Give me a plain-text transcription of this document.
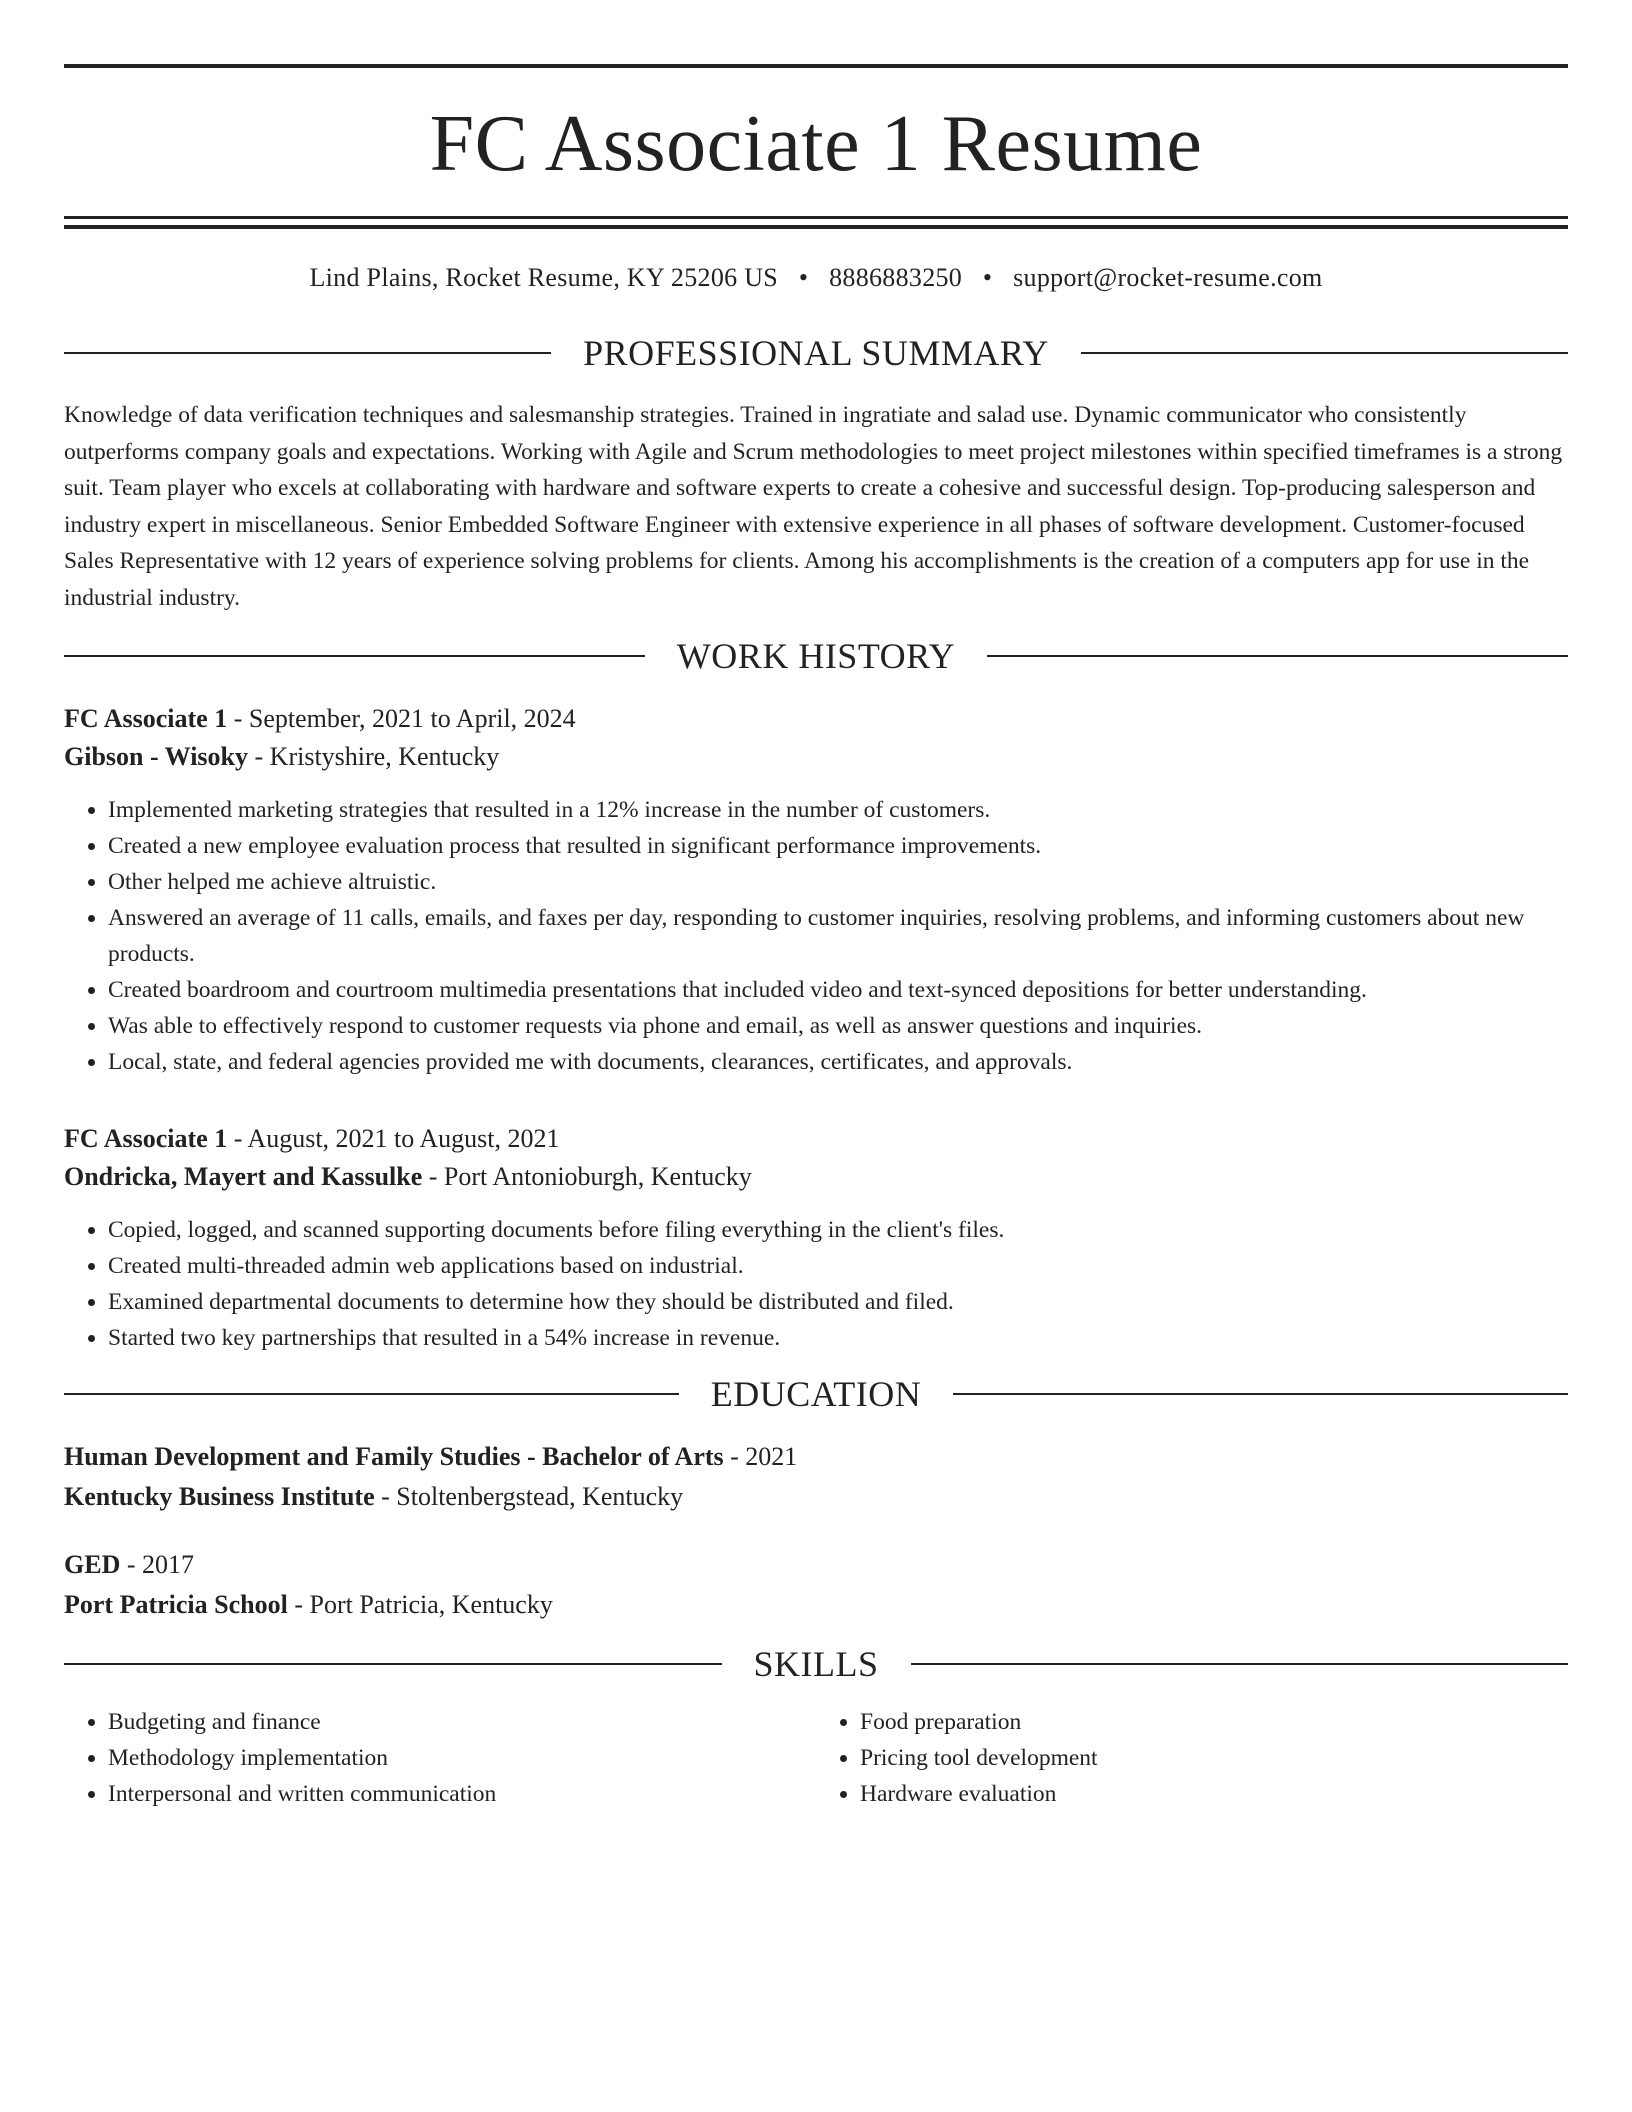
FC Associate 1 Resume
Lind Plains, Rocket Resume, KY 25206 US • 8886883250 • support@rocket-resume.com
PROFESSIONAL SUMMARY
Knowledge of data verification techniques and salesmanship strategies. Trained in ingratiate and salad use. Dynamic communicator who consistently outperforms company goals and expectations. Working with Agile and Scrum methodologies to meet project milestones within specified timeframes is a strong suit. Team player who excels at collaborating with hardware and software experts to create a cohesive and successful design. Top-producing salesperson and industry expert in miscellaneous. Senior Embedded Software Engineer with extensive experience in all phases of software development. Customer-focused Sales Representative with 12 years of experience solving problems for clients. Among his accomplishments is the creation of a computers app for use in the industrial industry.
WORK HISTORY
FC Associate 1 - September, 2021 to April, 2024
Gibson - Wisoky - Kristyshire, Kentucky
• Implemented marketing strategies that resulted in a 12% increase in the number of customers.
• Created a new employee evaluation process that resulted in significant performance improvements.
• Other helped me achieve altruistic.
• Answered an average of 11 calls, emails, and faxes per day, responding to customer inquiries, resolving problems, and informing customers about new products.
• Created boardroom and courtroom multimedia presentations that included video and text-synced depositions for better understanding.
• Was able to effectively respond to customer requests via phone and email, as well as answer questions and inquiries.
• Local, state, and federal agencies provided me with documents, clearances, certificates, and approvals.
FC Associate 1 - August, 2021 to August, 2021
Ondricka, Mayert and Kassulke - Port Antonioburgh, Kentucky
• Copied, logged, and scanned supporting documents before filing everything in the client's files.
• Created multi-threaded admin web applications based on industrial.
• Examined departmental documents to determine how they should be distributed and filed.
• Started two key partnerships that resulted in a 54% increase in revenue.
EDUCATION
Human Development and Family Studies - Bachelor of Arts - 2021
Kentucky Business Institute - Stoltenbergstead, Kentucky
GED - 2017
Port Patricia School - Port Patricia, Kentucky
SKILLS
• Budgeting and finance
• Methodology implementation
• Interpersonal and written communication
• Food preparation
• Pricing tool development
• Hardware evaluation
